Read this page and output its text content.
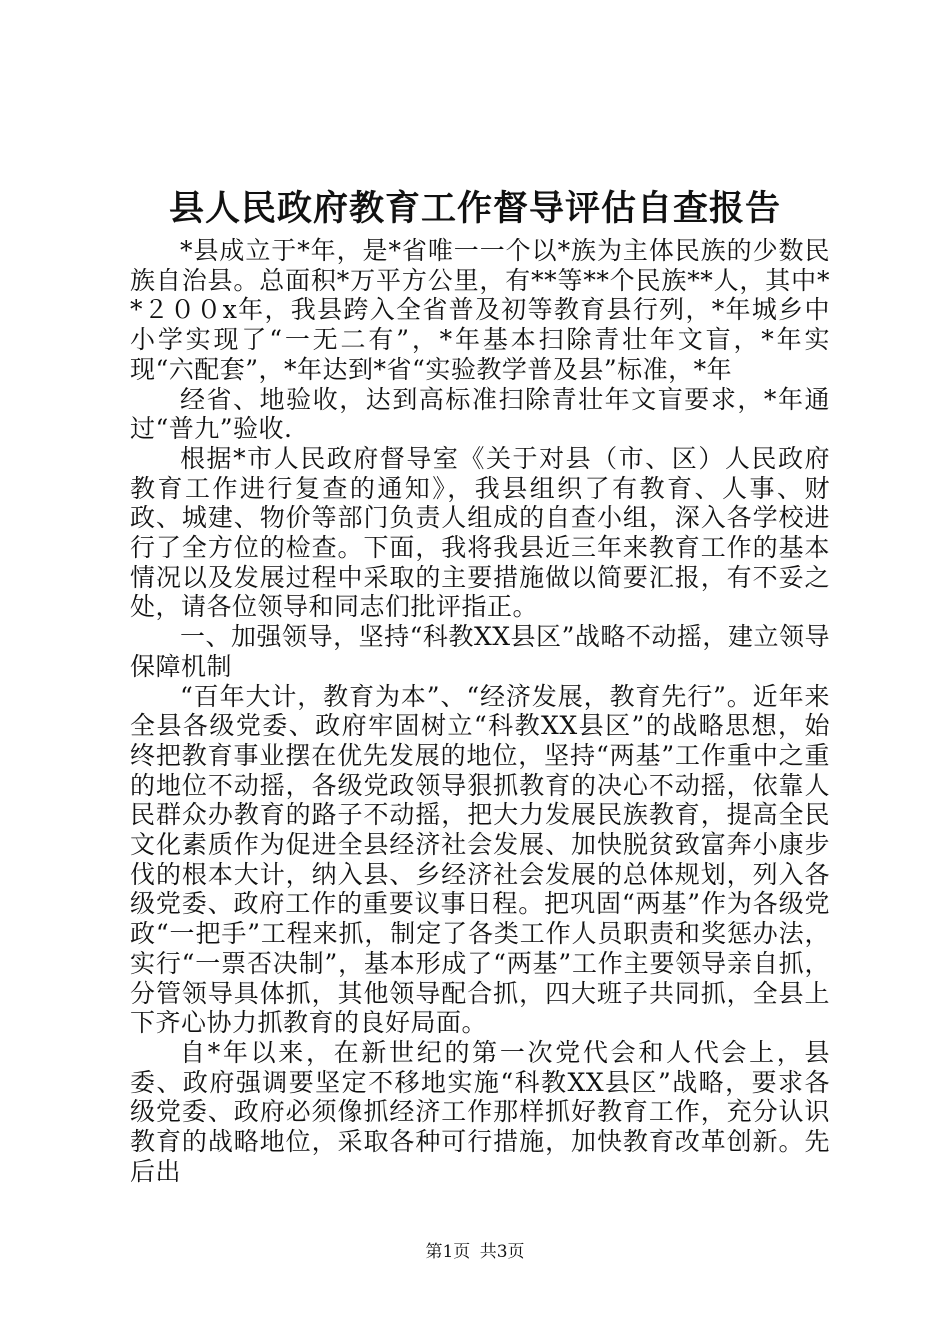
县人民政府教育工作督导评估自查报告

*县成立于*年，是*省唯一一个以*族为主体民族的少数民族自治县。总面积*万平方公里，有**等**个民族**人，其中**２００x年，我县跨入全省普及初等教育县行列，*年城乡中小学实现了“一无二有”，*年基本扫除青壮年文盲，*年实现“六配套”，*年达到*省“实验教学普及县”标准，*年

经省、地验收，达到高标准扫除青壮年文盲要求，*年通过“普九”验收.

根据*市人民政府督导室《关于对县（市、区）人民政府教育工作进行复查的通知》，我县组织了有教育、人事、财政、城建、物价等部门负责人组成的自查小组，深入各学校进行了全方位的检查。下面，我将我县近三年来教育工作的基本情况以及发展过程中采取的主要措施做以简要汇报，有不妥之处，请各位领导和同志们批评指正。

一、加强领导，坚持“科教XX县区”战略不动摇，建立领导保障机制

“百年大计，教育为本”、“经济发展，教育先行”。近年来全县各级党委、政府牢固树立“科教XX县区”的战略思想，始终把教育事业摆在优先发展的地位，坚持“两基”工作重中之重的地位不动摇，各级党政领导狠抓教育的决心不动摇，依靠人民群众办教育的路子不动摇，把大力发展民族教育，提高全民文化素质作为促进全县经济社会发展、加快脱贫致富奔小康步伐的根本大计，纳入县、乡经济社会发展的总体规划，列入各级党委、政府工作的重要议事日程。把巩固“两基”作为各级党政“一把手”工程来抓，制定了各类工作人员职责和奖惩办法，实行“一票否决制”，基本形成了“两基”工作主要领导亲自抓，分管领导具体抓，其他领导配合抓，四大班子共同抓，全县上下齐心协力抓教育的良好局面。

自*年以来，在新世纪的第一次党代会和人代会上，县委、政府强调要坚定不移地实施“科教XX县区”战略，要求各级党委、政府必须像抓经济工作那样抓好教育工作，充分认识教育的战略地位，采取各种可行措施，加快教育改革创新。先后出

第1页 共3页
